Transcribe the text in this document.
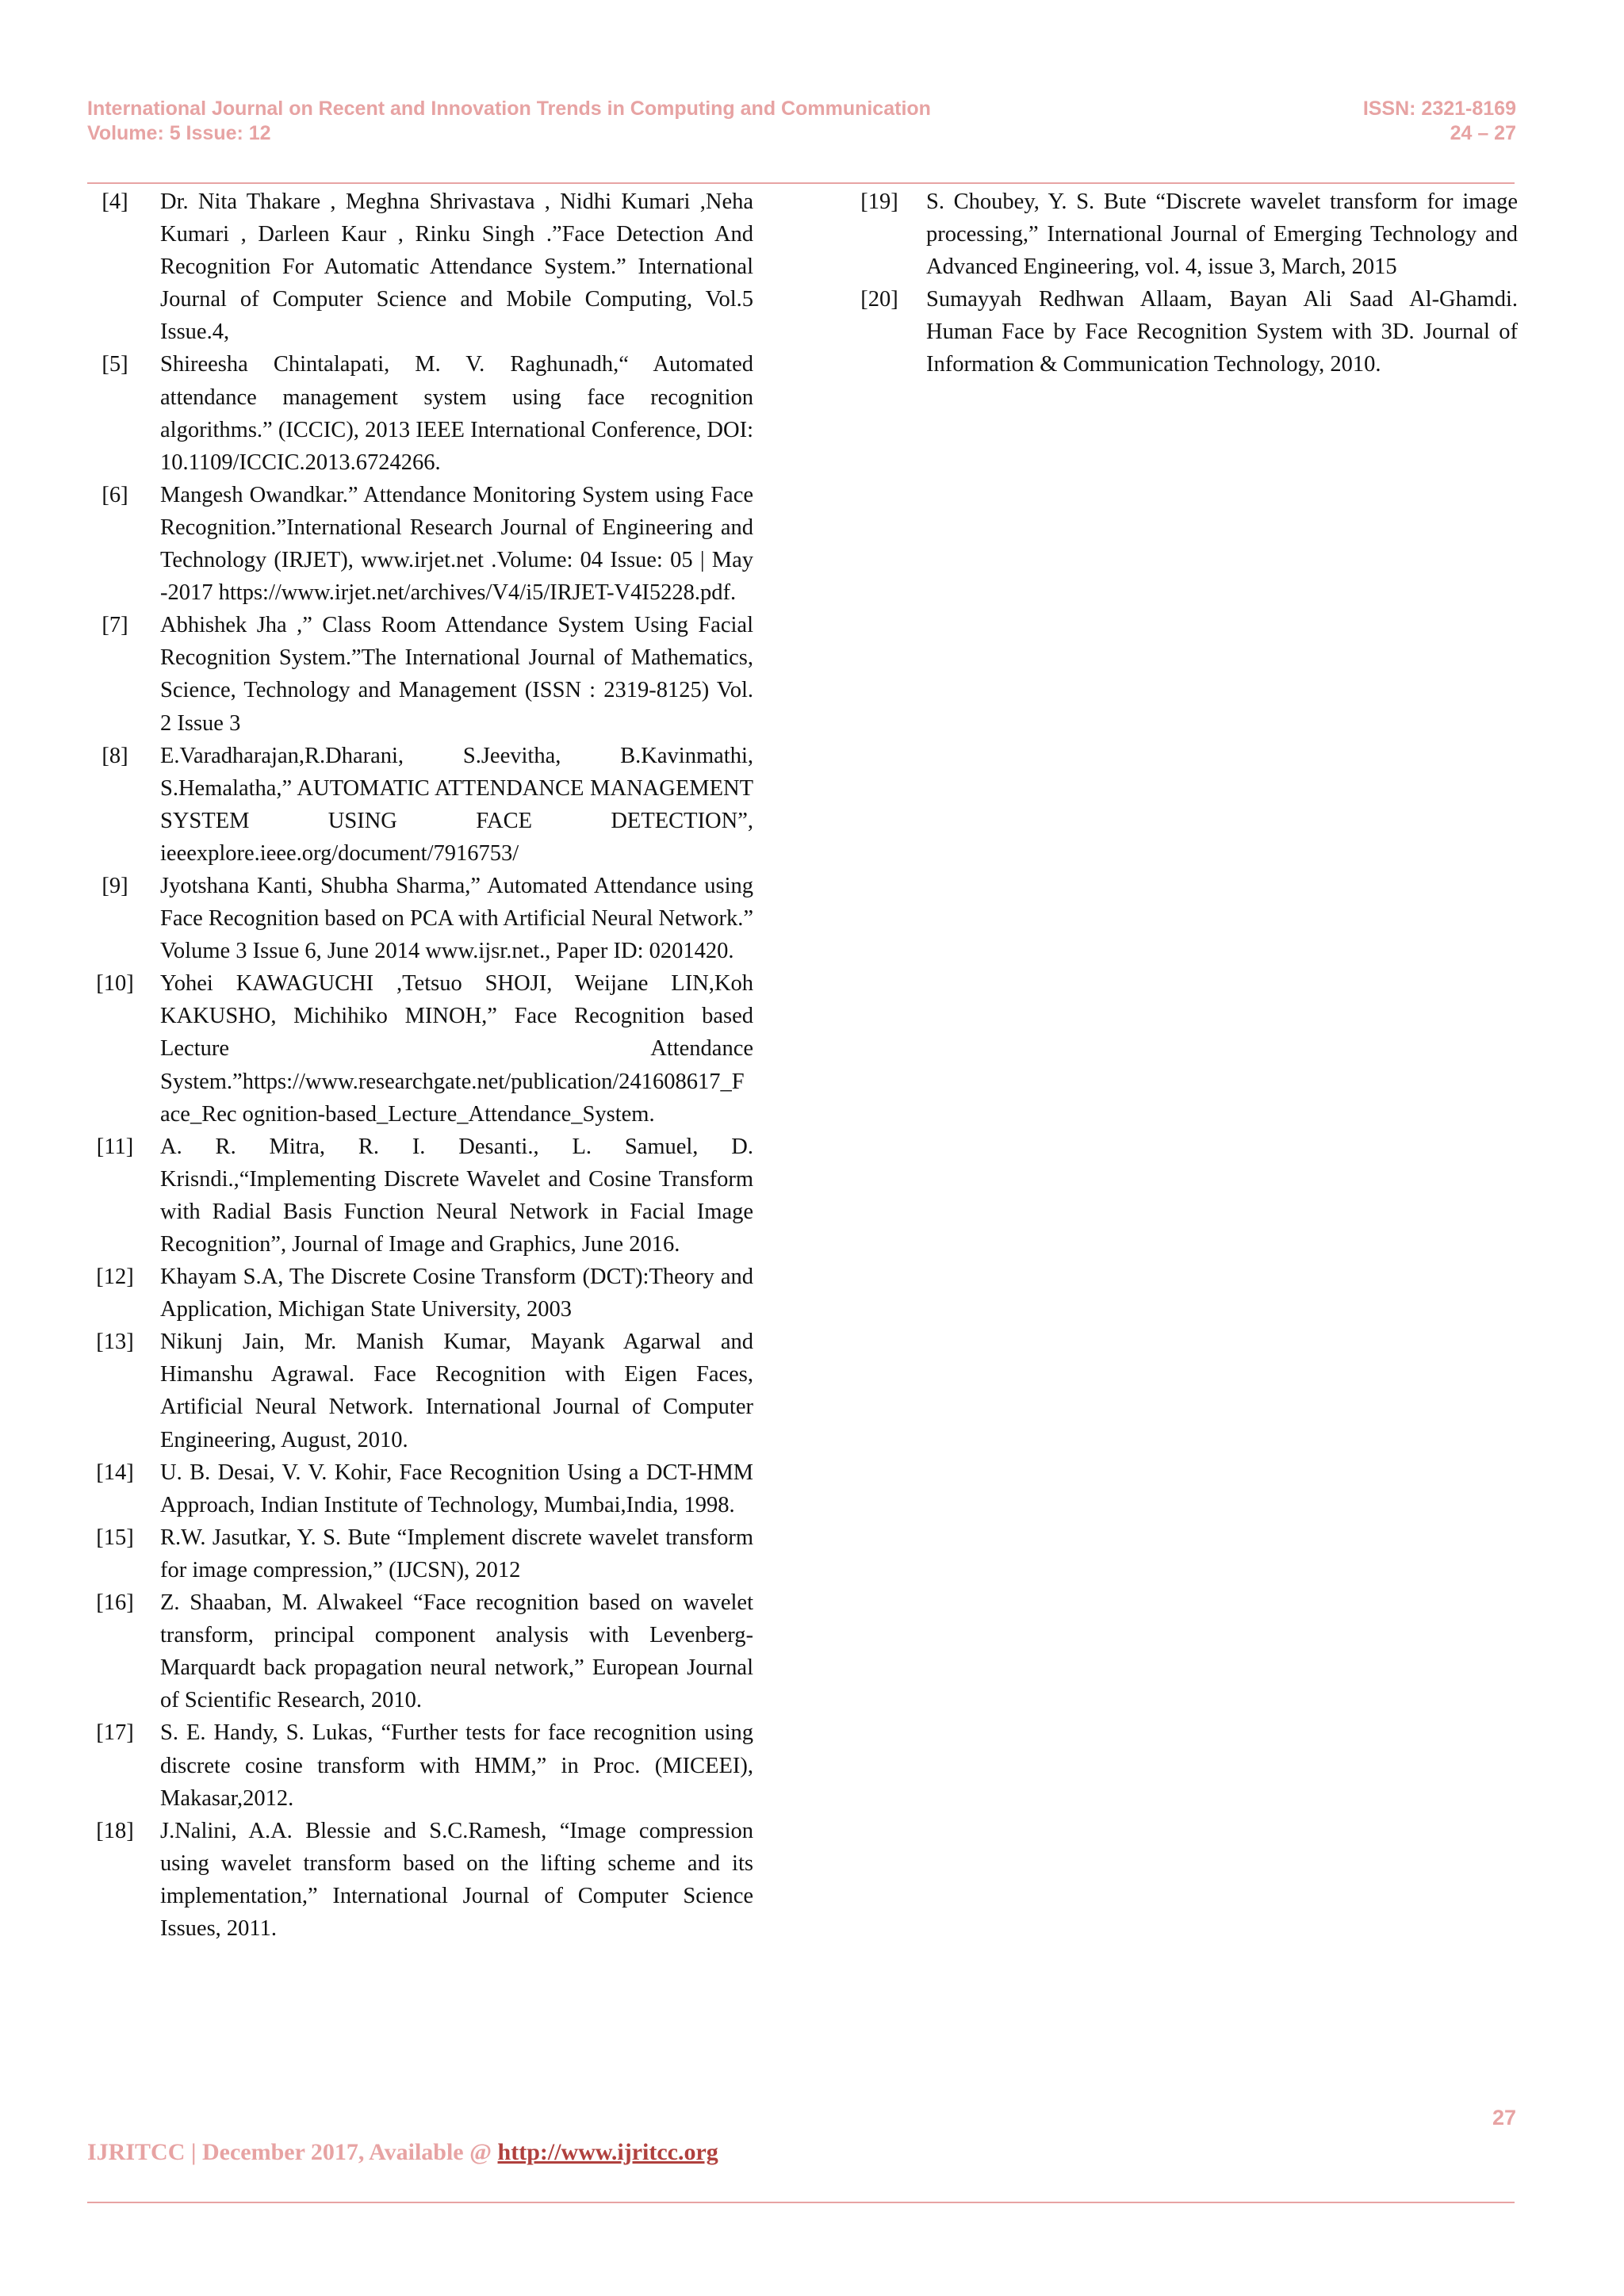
International Journal on Recent and Innovation Trends in Computing and Communication
Volume: 5 Issue: 12
ISSN: 2321-8169
24 – 27
[4]	Dr. Nita Thakare , Meghna Shrivastava , Nidhi Kumari ,Neha Kumari , Darleen Kaur , Rinku Singh .”Face Detection And Recognition For Automatic Attendance System.” International Journal of Computer Science and Mobile Computing, Vol.5 Issue.4,
[5]	Shireesha Chintalapati, M. V. Raghunadh,“ Automated attendance management system using face recognition algorithms.” (ICCIC), 2013 IEEE International Conference, DOI: 10.1109/ICCIC.2013.6724266.
[6]	Mangesh Owandkar.” Attendance Monitoring System using Face Recognition.”International Research Journal of Engineering and Technology (IRJET), www.irjet.net .Volume: 04 Issue: 05 | May -2017 https://www.irjet.net/archives/V4/i5/IRJET-V4I5228.pdf.
[7]	Abhishek Jha ,” Class Room Attendance System Using Facial Recognition System.”The International Journal of Mathematics, Science, Technology and Management (ISSN : 2319-8125) Vol. 2 Issue 3
[8]	E.Varadharajan,R.Dharani, S.Jeevitha, B.Kavinmathi, S.Hemalatha,” AUTOMATIC ATTENDANCE MANAGEMENT SYSTEM USING FACE DETECTION”, ieeexplore.ieee.org/document/7916753/
[9]	Jyotshana Kanti, Shubha Sharma,” Automated Attendance using Face Recognition based on PCA with Artificial Neural Network.” Volume 3 Issue 6, June 2014 www.ijsr.net., Paper ID: 0201420.
[10]	Yohei KAWAGUCHI ,Tetsuo SHOJI, Weijane LIN,Koh KAKUSHO, Michihiko MINOH,” Face Recognition based Lecture Attendance System.”https://www.researchgate.net/publication/241608617_Face_Rec ognition-based_Lecture_Attendance_System.
[11]	A. R. Mitra, R. I. Desanti., L. Samuel, D. Krisndi.,“Implementing Discrete Wavelet and Cosine Transform with Radial Basis Function Neural Network in Facial Image Recognition”, Journal of Image and Graphics, June 2016.
[12]	Khayam S.A, The Discrete Cosine Transform (DCT):Theory and Application, Michigan State University, 2003
[13]	Nikunj Jain, Mr. Manish Kumar, Mayank Agarwal and Himanshu Agrawal. Face Recognition with Eigen Faces, Artificial Neural Network. International Journal of Computer Engineering, August, 2010.
[14]	U. B. Desai, V. V. Kohir, Face Recognition Using a DCT-HMM Approach, Indian Institute of Technology, Mumbai,India, 1998.
[15]	R.W. Jasutkar, Y. S. Bute “Implement discrete wavelet transform for image compression,” (IJCSN), 2012
[16]	Z. Shaaban, M. Alwakeel “Face recognition based on wavelet transform, principal component analysis with Levenberg-Marquardt back propagation neural network,” European Journal of Scientific Research, 2010.
[17]	S. E. Handy, S. Lukas, “Further tests for face recognition using discrete cosine transform with HMM,” in Proc. (MICEEI), Makasar,2012.
[18]	J.Nalini, A.A. Blessie and S.C.Ramesh, “Image compression using wavelet transform based on the lifting scheme and its implementation,” International Journal of Computer Science Issues, 2011.
[19]	S. Choubey, Y. S. Bute “Discrete wavelet transform for image processing,” International Journal of Emerging Technology and Advanced Engineering, vol. 4, issue 3, March, 2015
[20]	Sumayyah Redhwan Allaam, Bayan Ali Saad Al-Ghamdi. Human Face by Face Recognition System with 3D. Journal of Information & Communication Technology, 2010.
27
IJRITCC | December 2017, Available @ http://www.ijritcc.org
